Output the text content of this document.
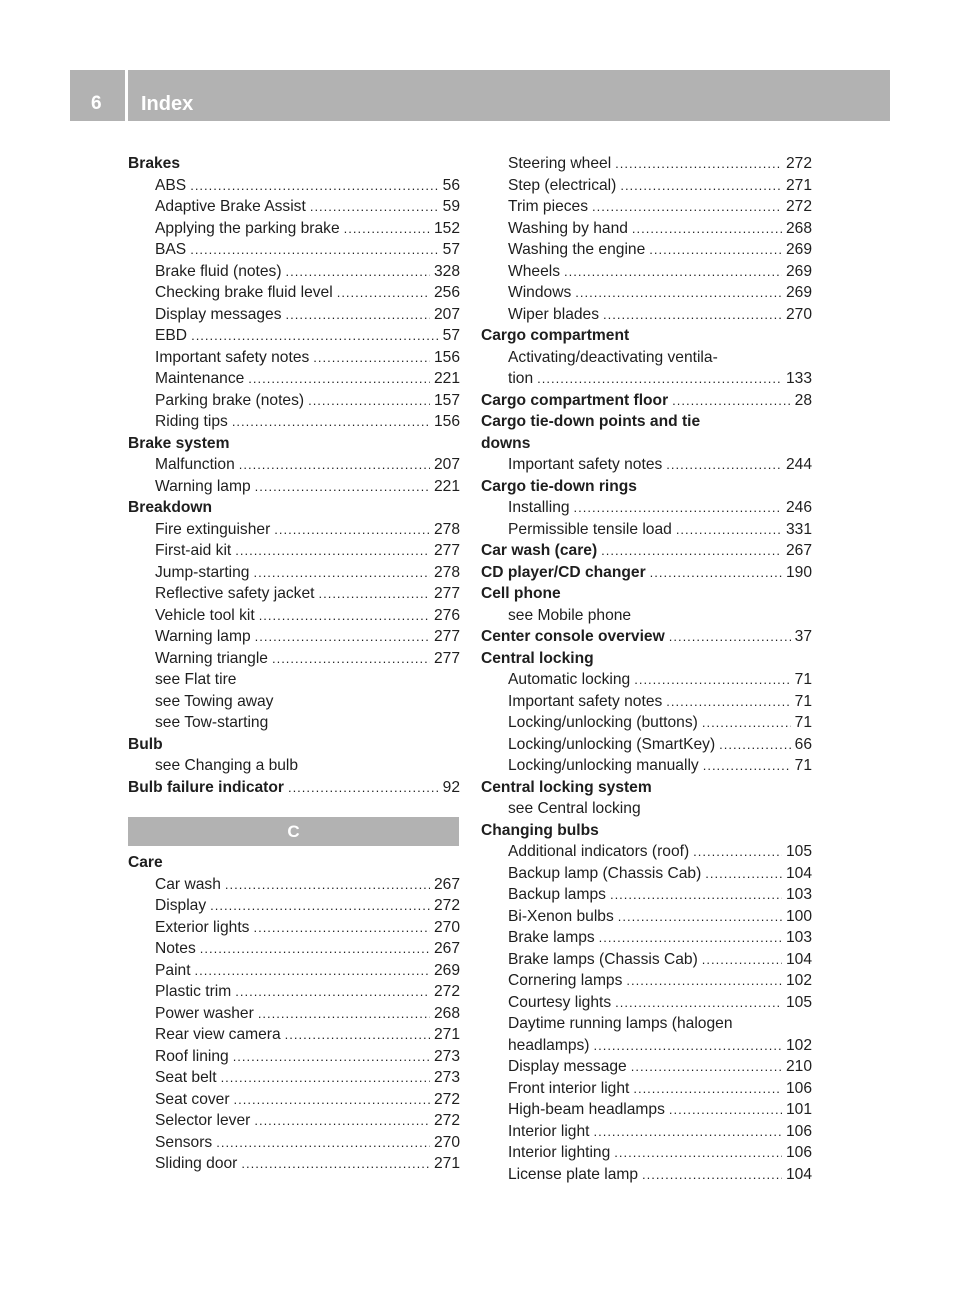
6	Index
Brakes
ABS .....	56
Adaptive Brake Assist .....	59
Applying the parking brake .....	152
BAS .....	57
Brake fluid (notes) .....	328
Checking brake fluid level .....	256
Display messages .....	207
EBD .....	57
Important safety notes .....	156
Maintenance .....	221
Parking brake (notes) .....	157
Riding tips .....	156
Brake system
Malfunction .....	207
Warning lamp .....	221
Breakdown
Fire extinguisher .....	278
First-aid kit .....	277
Jump-starting .....	278
Reflective safety jacket .....	277
Vehicle tool kit .....	276
Warning lamp .....	277
Warning triangle .....	277
see Flat tire
see Towing away
see Tow-starting
Bulb
see Changing a bulb
Bulb failure indicator .....	92
C
Care
Car wash .....	267
Display .....	272
Exterior lights .....	270
Notes .....	267
Paint .....	269
Plastic trim .....	272
Power washer .....	268
Rear view camera .....	271
Roof lining .....	273
Seat belt .....	273
Seat cover .....	272
Selector lever .....	272
Sensors .....	270
Sliding door .....	271
Steering wheel .....	272
Step (electrical) .....	271
Trim pieces .....	272
Washing by hand .....	268
Washing the engine .....	269
Wheels .....	269
Windows .....	269
Wiper blades .....	270
Cargo compartment
Activating/deactivating ventila-
tion .....	133
Cargo compartment floor .....	28
Cargo tie-down points and tie
downs
Important safety notes .....	244
Cargo tie-down rings
Installing .....	246
Permissible tensile load .....	331
Car wash (care) .....	267
CD player/CD changer .....	190
Cell phone
see Mobile phone
Center console overview .....	37
Central locking
Automatic locking .....	71
Important safety notes .....	71
Locking/unlocking (buttons) .....	71
Locking/unlocking (SmartKey) .....	66
Locking/unlocking manually .....	71
Central locking system
see Central locking
Changing bulbs
Additional indicators (roof) .....	105
Backup lamp (Chassis Cab) .....	104
Backup lamps .....	103
Bi-Xenon bulbs .....	100
Brake lamps .....	103
Brake lamps (Chassis Cab) .....	104
Cornering lamps .....	102
Courtesy lights .....	105
Daytime running lamps (halogen
headlamps) .....	102
Display message .....	210
Front interior light .....	106
High-beam headlamps .....	101
Interior light .....	106
Interior lighting .....	106
License plate lamp .....	104
